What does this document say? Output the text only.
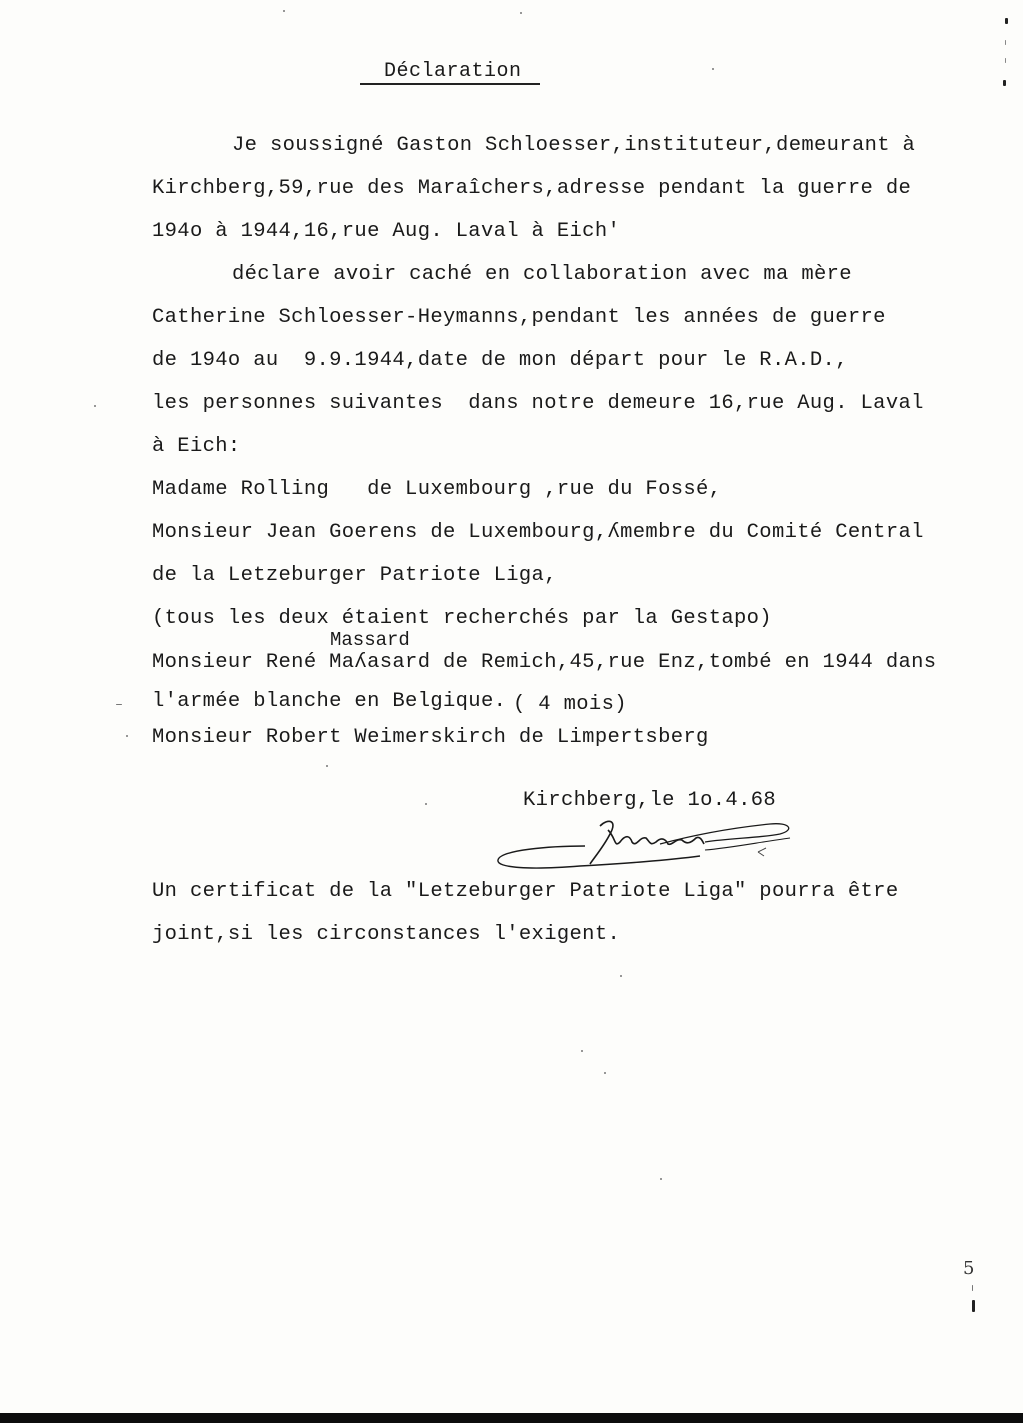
Déclaration
Je soussigné Gaston Schloesser,instituteur,demeurant à
Kirchberg,59,rue des Maraîchers,adresse pendant la guerre de
194o à 1944,16,rue Aug. Laval à Eich'
déclare avoir caché en collaboration avec ma mère
Catherine Schloesser-Heymanns,pendant les années de guerre
de 194o au  9.9.1944,date de mon départ pour le R.A.D.,
les personnes suivantes  dans notre demeure 16,rue Aug. Laval
à Eich:
Madame Rolling   de Luxembourg ,rue du Fossé,
Monsieur Jean Goerens de Luxembourg,ʎmembre du Comité Central
de la Letzeburger Patriote Liga,
(tous les deux étaient recherchés par la Gestapo)
Massard
Monsieur René Maʎasard de Remich,45,rue Enz,tombé en 1944 dans
l'armée blanche en Belgique. ( 4 mois)
Monsieur Robert Weimerskirch de Limpertsberg
Kirchberg,le 1o.4.68
Un certificat de la "Letzeburger Patriote Liga" pourra être
joint,si les circonstances l'exigent.
5
